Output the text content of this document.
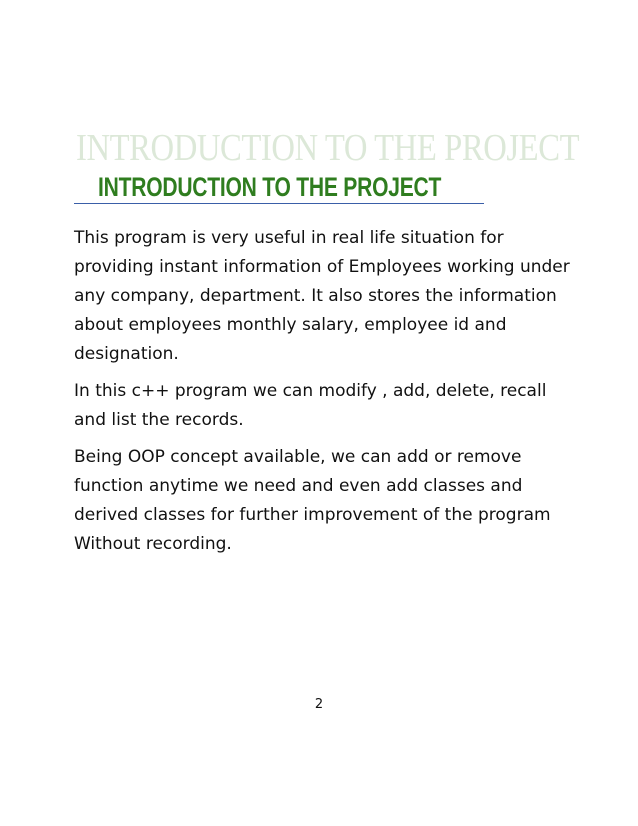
INTRODUCTION TO THE PROJECT
INTRODUCTION TO THE PROJECT

This program is very useful in real life situation for providing instant information of Employees working under any company, department. It also stores the information about employees monthly salary, employee id and designation.

In this c++ program we can modify , add, delete, recall and list the records.

Being OOP concept available, we can add or remove function anytime we need and even add classes and derived classes for further improvement of the program Without recording.

2
